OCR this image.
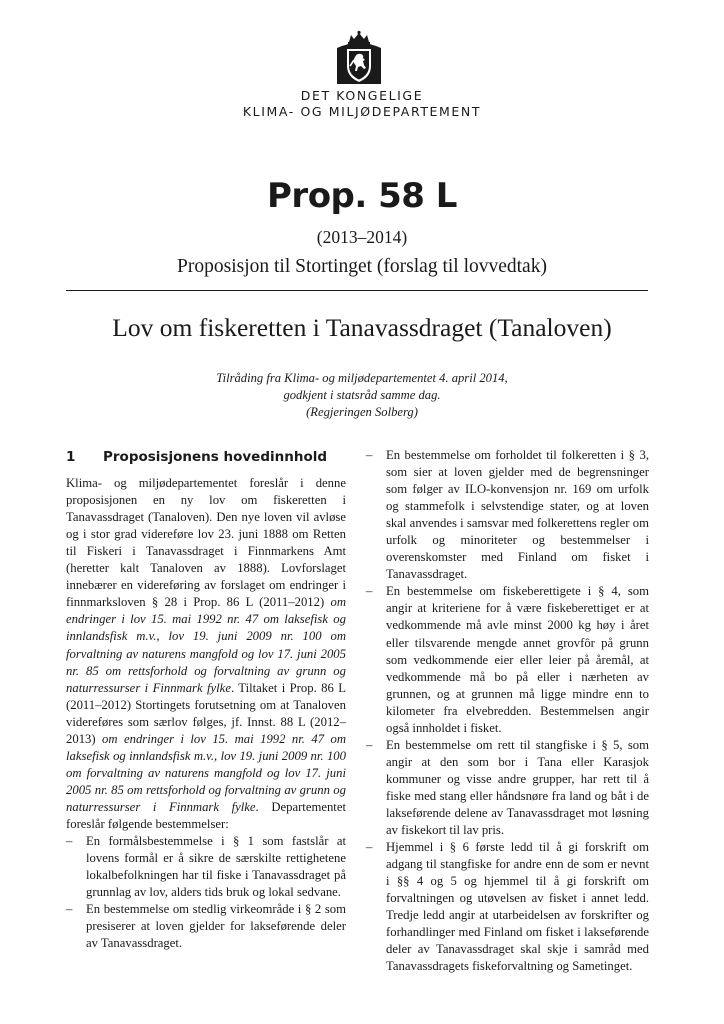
DET KONGELIGE
KLIMA- OG MILJØDEPARTEMENT
Prop. 58 L
(2013–2014)
Proposisjon til Stortinget (forslag til lovvedtak)
Lov om fiskeretten i Tanavassdraget (Tanaloven)
Tilråding fra Klima- og miljødepartementet 4. april 2014,
godkjent i statsråd samme dag.
(Regjeringen Solberg)
1 Proposisjonens hovedinnhold
Klima- og miljødepartementet foreslår i denne proposisjonen en ny lov om fiskeretten i Tanavassdraget (Tanaloven). Den nye loven vil avløse og i stor grad videreføre lov 23. juni 1888 om Retten til Fiskeri i Tanavassdraget i Finnmarkens Amt (heretter kalt Tanaloven av 1888). Lovforslaget innebærer en videreføring av forslaget om endringer i finnmarksloven § 28 i Prop. 86 L (2011–2012) om endringer i lov 15. mai 1992 nr. 47 om laksefisk og innlandsfisk m.v., lov 19. juni 2009 nr. 100 om forvaltning av naturens mangfold og lov 17. juni 2005 nr. 85 om rettsforhold og forvaltning av grunn og naturressurser i Finnmark fylke. Tiltaket i Prop. 86 L (2011–2012) Stortingets forutsetning om at Tanaloven videreføres som særlov følges, jf. Innst. 88 L (2012–2013) om endringer i lov 15. mai 1992 nr. 47 om laksefisk og innlandsfisk m.v., lov 19. juni 2009 nr. 100 om forvaltning av naturens mangfold og lov 17. juni 2005 nr. 85 om rettsforhold og forvaltning av grunn og naturressurser i Finnmark fylke. Departementet foreslår følgende bestemmelser:
– En formålsbestemmelse i § 1 som fastslår at lovens formål er å sikre de særskilte rettighetene lokalbefolkningen har til fiske i Tanavassdraget på grunnlag av lov, alders tids bruk og lokal sedvane.
– En bestemmelse om stedlig virkeområde i § 2 som presiserer at loven gjelder for lakseførende deler av Tanavassdraget.
– En bestemmelse om forholdet til folkeretten i § 3, som sier at loven gjelder med de begrensninger som følger av ILO-konvensjon nr. 169 om urfolk og stammefolk i selvstendige stater, og at loven skal anvendes i samsvar med folkerettens regler om urfolk og minoriteter og bestemmelser i overenskomster med Finland om fisket i Tanavassdraget.
– En bestemmelse om fiskeberettigete i § 4, som angir at kriteriene for å være fiskeberettiget er at vedkommende må avle minst 2000 kg høy i året eller tilsvarende mengde annet grovfôr på grunn som vedkommende eier eller leier på åremål, at vedkommende må bo på eller i nærheten av grunnen, og at grunnen må ligge mindre enn to kilometer fra elvebredden. Bestemmelsen angir også innholdet i fisket.
– En bestemmelse om rett til stangfiske i § 5, som angir at den som bor i Tana eller Karasjok kommuner og visse andre grupper, har rett til å fiske med stang eller håndsnøre fra land og båt i de lakseførende delene av Tanavassdraget mot løsning av fiskekort til lav pris.
– Hjemmel i § 6 første ledd til å gi forskrift om adgang til stangfiske for andre enn de som er nevnt i §§ 4 og 5 og hjemmel til å gi forskrift om forvaltningen og utøvelsen av fisket i annet ledd. Tredje ledd angir at utarbeidelsen av forskrifter og forhandlinger med Finland om fisket i lakseførende deler av Tanavassdraget skal skje i samråd med Tanavassdragets fiskeforvaltning og Sametinget.
